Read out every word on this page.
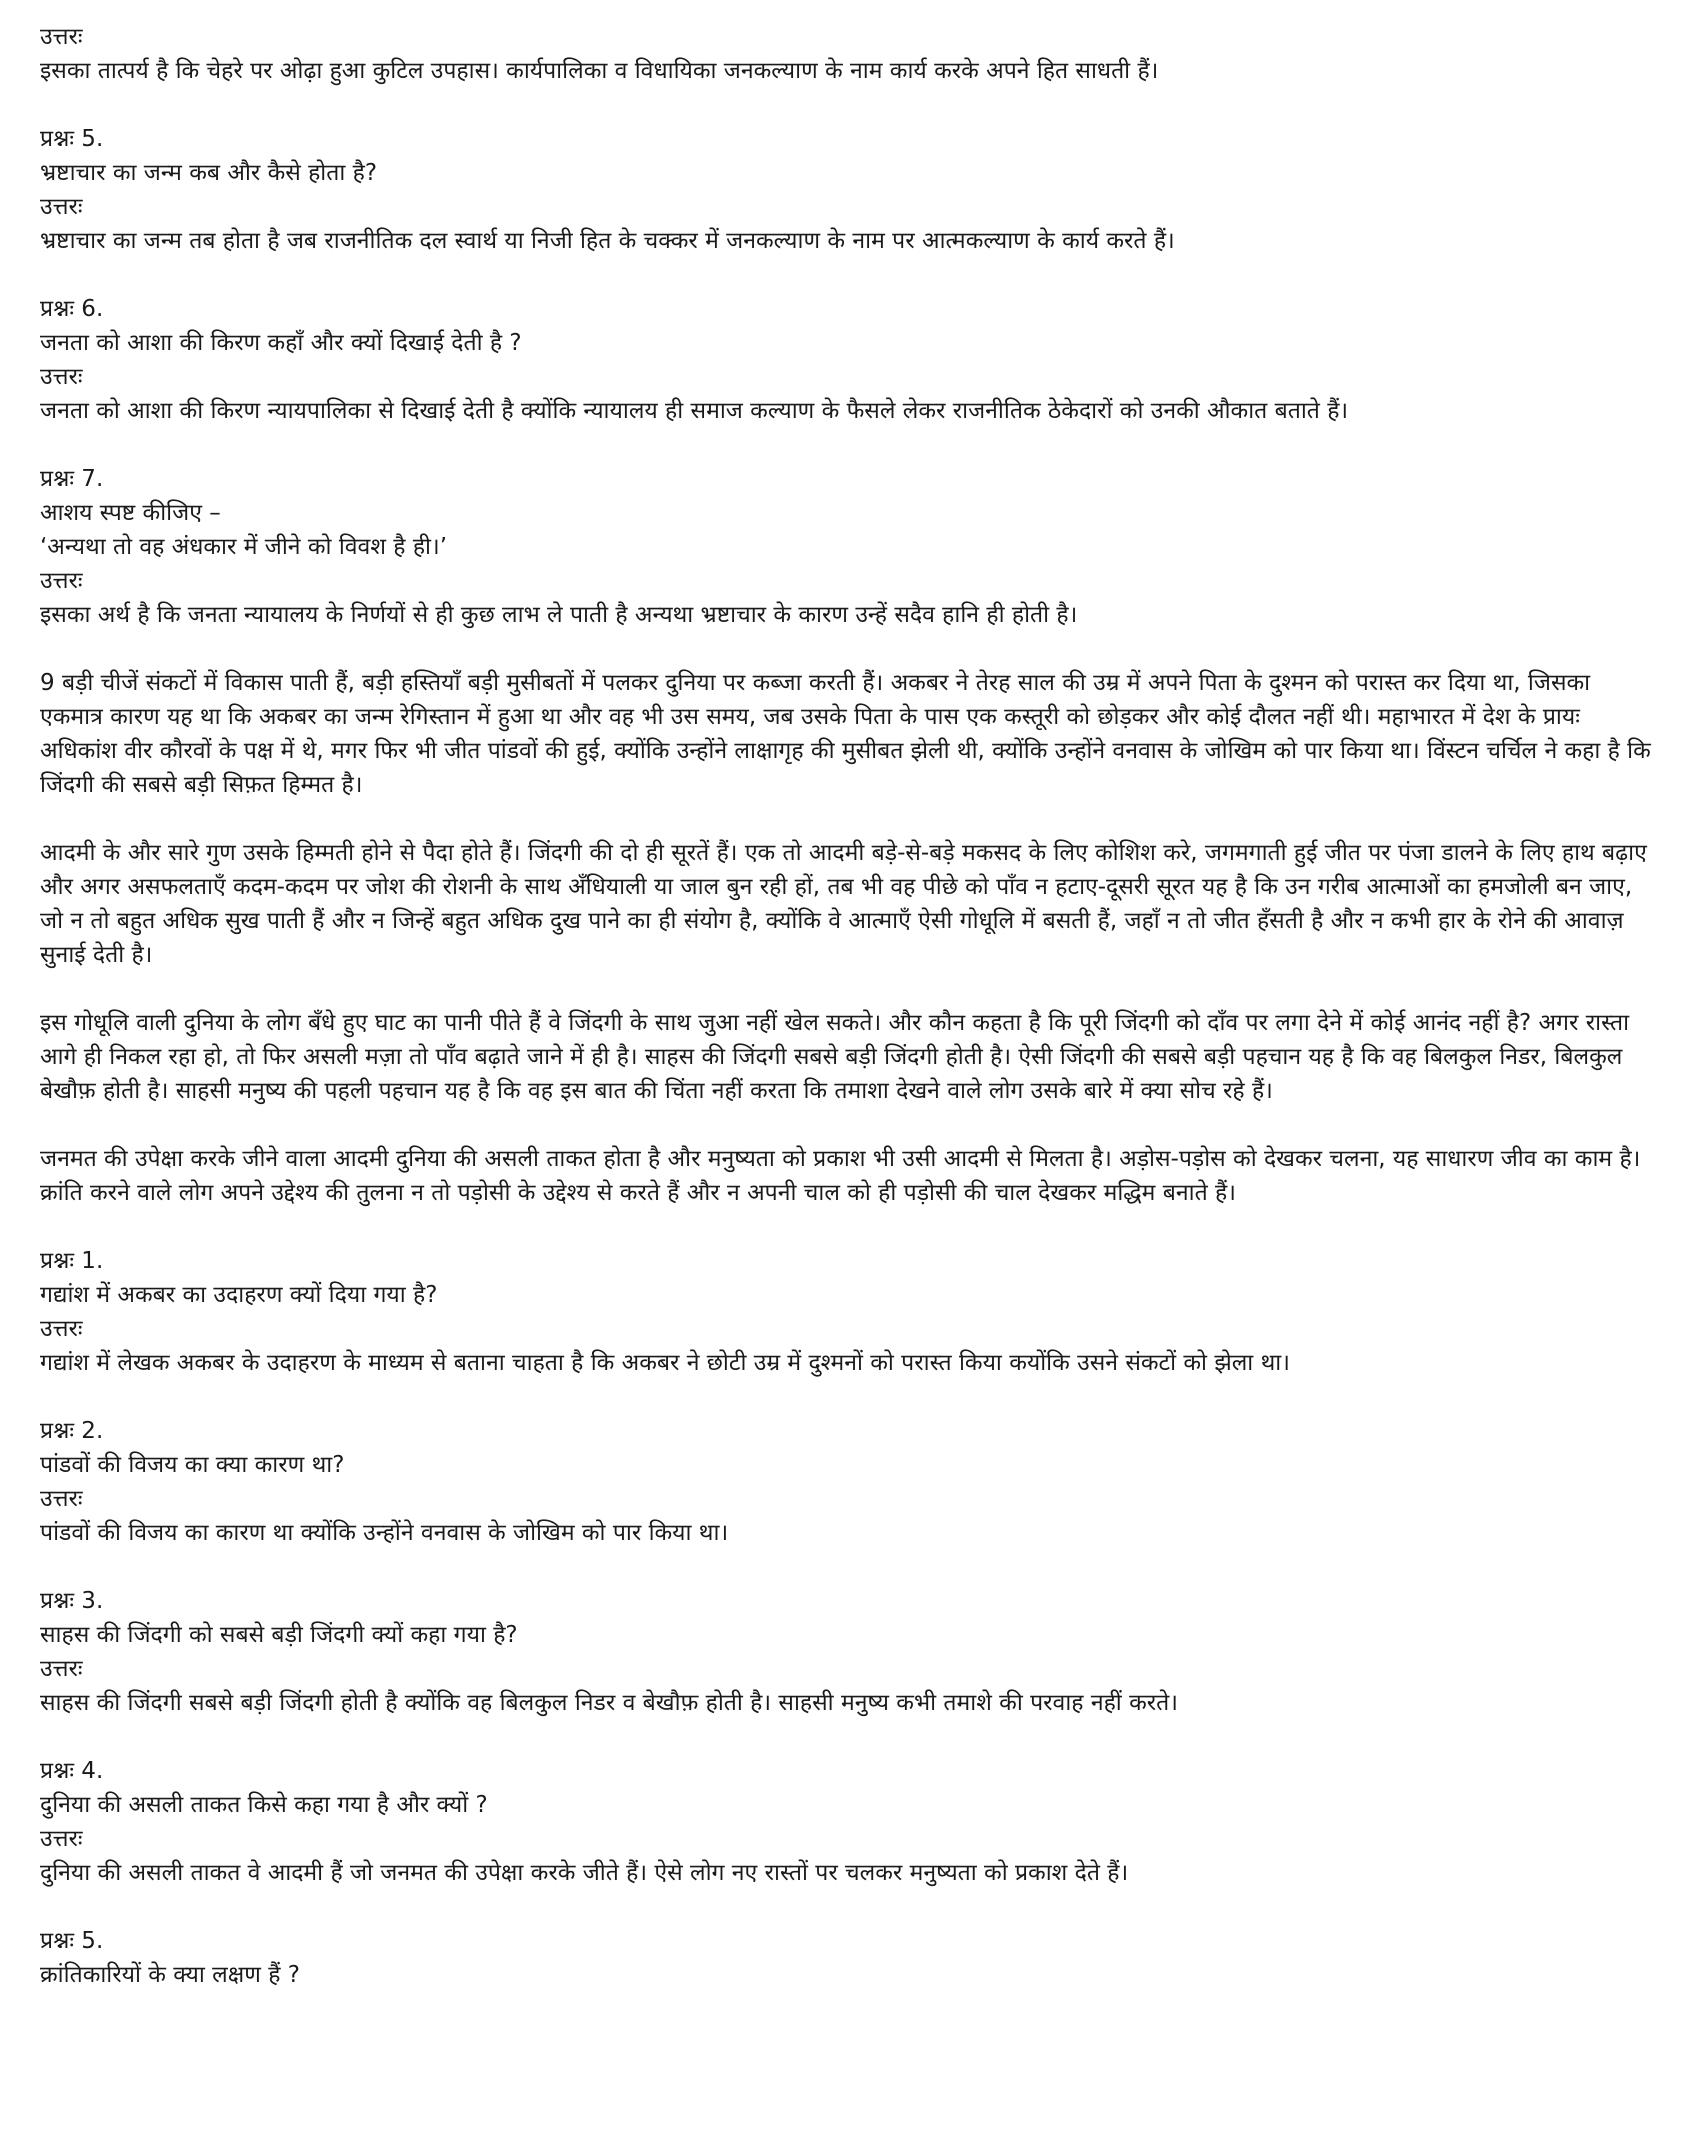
उत्तरः

इसका तात्पर्य है कि चेहरे पर ओढ़ा हुआ कुटिल उपहास। कार्यपालिका व विधायिका जनकल्याण के नाम कार्य करके अपने हित साधती हैं।

प्रश्नः 5.

भ्रष्टाचार का जन्म कब और कैसे होता है?

उत्तरः

भ्रष्टाचार का जन्म तब होता है जब राजनीतिक दल स्वार्थ या निजी हित के चक्कर में जनकल्याण के नाम पर आत्मकल्याण के कार्य करते हैं।

प्रश्नः 6.

जनता को आशा की किरण कहाँ और क्यों दिखाई देती है ?

उत्तरः

जनता को आशा की किरण न्यायपालिका से दिखाई देती है क्योंकि न्यायालय ही समाज कल्याण के फैसले लेकर राजनीतिक ठेकेदारों को उनकी औकात बताते हैं।

प्रश्नः 7.

आशय स्पष्ट कीजिए –

‘अन्यथा तो वह अंधकार में जीने को विवश है ही।’

उत्तरः

इसका अर्थ है कि जनता न्यायालय के निर्णयों से ही कुछ लाभ ले पाती है अन्यथा भ्रष्टाचार के कारण उन्हें सदैव हानि ही होती है।

9 बड़ी चीजें संकटों में विकास पाती हैं, बड़ी हस्तियाँ बड़ी मुसीबतों में पलकर दुनिया पर कब्जा करती हैं। अकबर ने तेरह साल की उम्र में अपने पिता के दुश्मन को परास्त कर दिया था, जिसका एकमात्र कारण यह था कि अकबर का जन्म रेगिस्तान में हुआ था और वह भी उस समय, जब उसके पिता के पास एक कस्तूरी को छोड़कर और कोई दौलत नहीं थी। महाभारत में देश के प्रायः अधिकांश वीर कौरवों के पक्ष में थे, मगर फिर भी जीत पांडवों की हुई, क्योंकि उन्होंने लाक्षागृह की मुसीबत झेली थी, क्योंकि उन्होंने वनवास के जोखिम को पार किया था। विंस्टन चर्चिल ने कहा है कि जिंदगी की सबसे बड़ी सिफ़त हिम्मत है।

आदमी के और सारे गुण उसके हिम्मती होने से पैदा होते हैं। जिंदगी की दो ही सूरतें हैं। एक तो आदमी बड़े-से-बड़े मकसद के लिए कोशिश करे, जगमगाती हुई जीत पर पंजा डालने के लिए हाथ बढ़ाए और अगर असफलताएँ कदम-कदम पर जोश की रोशनी के साथ अँधियाली या जाल बुन रही हों, तब भी वह पीछे को पाँव न हटाए-दूसरी सूरत यह है कि उन गरीब आत्माओं का हमजोली बन जाए, जो न तो बहुत अधिक सुख पाती हैं और न जिन्हें बहुत अधिक दुख पाने का ही संयोग है, क्योंकि वे आत्माएँ ऐसी गोधूलि में बसती हैं, जहाँ न तो जीत हँसती है और न कभी हार के रोने की आवाज़ सुनाई देती है।

इस गोधूलि वाली दुनिया के लोग बँधे हुए घाट का पानी पीते हैं वे जिंदगी के साथ जुआ नहीं खेल सकते। और कौन कहता है कि पूरी जिंदगी को दाँव पर लगा देने में कोई आनंद नहीं है? अगर रास्ता आगे ही निकल रहा हो, तो फिर असली मज़ा तो पाँव बढ़ाते जाने में ही है। साहस की जिंदगी सबसे बड़ी जिंदगी होती है। ऐसी जिंदगी की सबसे बड़ी पहचान यह है कि वह बिलकुल निडर, बिलकुल बेखौफ़ होती है। साहसी मनुष्य की पहली पहचान यह है कि वह इस बात की चिंता नहीं करता कि तमाशा देखने वाले लोग उसके बारे में क्या सोच रहे हैं।

जनमत की उपेक्षा करके जीने वाला आदमी दुनिया की असली ताकत होता है और मनुष्यता को प्रकाश भी उसी आदमी से मिलता है। अड़ोस-पड़ोस को देखकर चलना, यह साधारण जीव का काम है। क्रांति करने वाले लोग अपने उद्देश्य की तुलना न तो पड़ोसी के उद्देश्य से करते हैं और न अपनी चाल को ही पड़ोसी की चाल देखकर मद्धिम बनाते हैं।

प्रश्नः 1.

गद्यांश में अकबर का उदाहरण क्यों दिया गया है?

उत्तरः

गद्यांश में लेखक अकबर के उदाहरण के माध्यम से बताना चाहता है कि अकबर ने छोटी उम्र में दुश्मनों को परास्त किया कयोंकि उसने संकटों को झेला था।

प्रश्नः 2.

पांडवों की विजय का क्या कारण था?

उत्तरः

पांडवों की विजय का कारण था क्योंकि उन्होंने वनवास के जोखिम को पार किया था।

प्रश्नः 3.

साहस की जिंदगी को सबसे बड़ी जिंदगी क्यों कहा गया है?

उत्तरः

साहस की जिंदगी सबसे बड़ी जिंदगी होती है क्योंकि वह बिलकुल निडर व बेखौफ़ होती है। साहसी मनुष्य कभी तमाशे की परवाह नहीं करते।

प्रश्नः 4.

दुनिया की असली ताकत किसे कहा गया है और क्यों ?

उत्तरः

दुनिया की असली ताकत वे आदमी हैं जो जनमत की उपेक्षा करके जीते हैं। ऐसे लोग नए रास्तों पर चलकर मनुष्यता को प्रकाश देते हैं।

प्रश्नः 5.

क्रांतिकारियों के क्या लक्षण हैं ?
